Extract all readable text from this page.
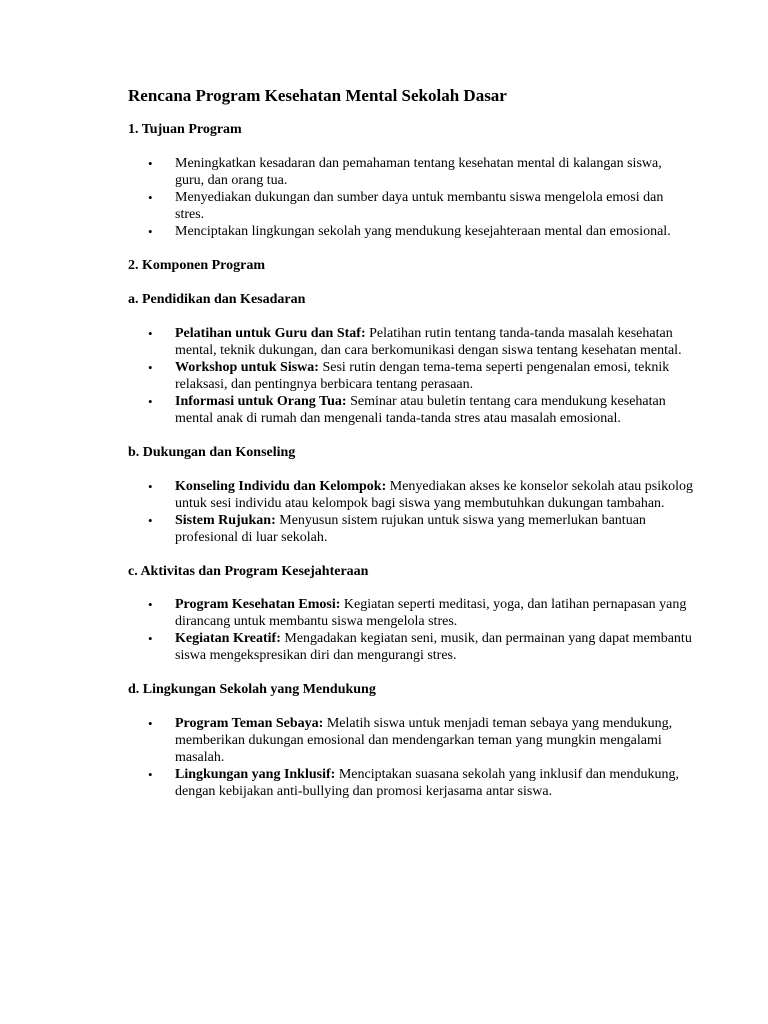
Rencana Program Kesehatan Mental Sekolah Dasar
1. Tujuan Program
• Meningkatkan kesadaran dan pemahaman tentang kesehatan mental di kalangan siswa, guru, dan orang tua.
• Menyediakan dukungan dan sumber daya untuk membantu siswa mengelola emosi dan stres.
• Menciptakan lingkungan sekolah yang mendukung kesejahteraan mental dan emosional.
2. Komponen Program
a. Pendidikan dan Kesadaran
• Pelatihan untuk Guru dan Staf: Pelatihan rutin tentang tanda-tanda masalah kesehatan mental, teknik dukungan, dan cara berkomunikasi dengan siswa tentang kesehatan mental.
• Workshop untuk Siswa: Sesi rutin dengan tema-tema seperti pengenalan emosi, teknik relaksasi, dan pentingnya berbicara tentang perasaan.
• Informasi untuk Orang Tua: Seminar atau buletin tentang cara mendukung kesehatan mental anak di rumah dan mengenali tanda-tanda stres atau masalah emosional.
b. Dukungan dan Konseling
• Konseling Individu dan Kelompok: Menyediakan akses ke konselor sekolah atau psikolog untuk sesi individu atau kelompok bagi siswa yang membutuhkan dukungan tambahan.
• Sistem Rujukan: Menyusun sistem rujukan untuk siswa yang memerlukan bantuan profesional di luar sekolah.
c. Aktivitas dan Program Kesejahteraan
• Program Kesehatan Emosi: Kegiatan seperti meditasi, yoga, dan latihan pernapasan yang dirancang untuk membantu siswa mengelola stres.
• Kegiatan Kreatif: Mengadakan kegiatan seni, musik, dan permainan yang dapat membantu siswa mengekspresikan diri dan mengurangi stres.
d. Lingkungan Sekolah yang Mendukung
• Program Teman Sebaya: Melatih siswa untuk menjadi teman sebaya yang mendukung, memberikan dukungan emosional dan mendengarkan teman yang mungkin mengalami masalah.
• Lingkungan yang Inklusif: Menciptakan suasana sekolah yang inklusif dan mendukung, dengan kebijakan anti-bullying dan promosi kerjasama antar siswa.
